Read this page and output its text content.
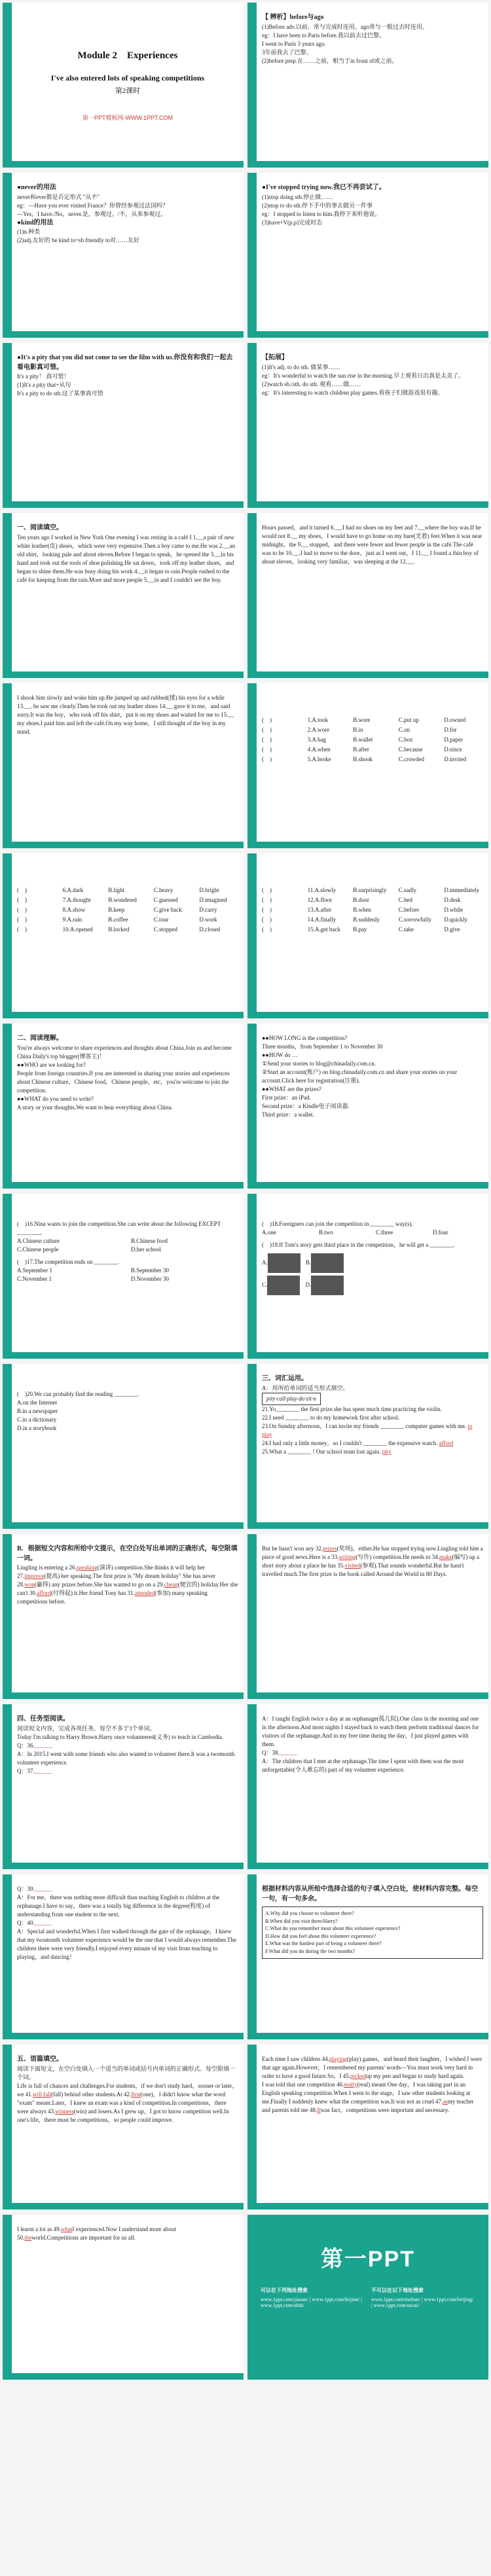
Module 2　Experiences
I've also entered lots of speaking competitions
第2课时
第一PPT模板网-WWW.1PPT.COM
【 辨析】before与ago
(1)Before adv.以前，常与完成时连用，ago常与一般过去时连用。
eg：I have been to Paris before.我以前去过巴黎。
I went to Paris 3 years ago.
3年前我去了巴黎。
(2)before prep.在……之前，相当于in front of或之前。
●never的用法
never和ever都是否定形式 "从不"
eg：—Have you ever visited France？你曾经参观过法国吗？
—Yes，I have./No，never.是，参观过。/不，从来参观过。
●kind的用法
(1)n.种类
(2)adj.友好的 be kind to+sb friendly to对……友好
●I've stopped trying now.我已不再尝试了。
(1)stop doing sth.停止做……
(2)stop to do sth.停下手中的事去做另一件事
eg：I stopped to listen to him.我停下来听他说。
(3)have+V(p.p)完成时态
●It's a pity that you did not come to see the film with us.你没有和我们一起去看电影真可惜。
It's a pity！ 真可惜！
(1)It's a pity that+从句
It's a pity to do sth.这了某事真可惜
【拓展】
(1)It's adj. to do sth. 做某事……
eg：It's wonderful to watch the sun rise in the morning.早上观看日出真是太美了。
(2)watch sb./sth. do sth. 观看……做……
eg：It's interesting to watch children play games.看孩子们做游戏很有趣。
一、阅读填空。
Ten years ago I worked in New York One evening I was resting in a café I 1.__a pair of new white leather(皮) shoes，which were very expensive.Then a boy came to me.He was 2.__an old shirt，looking pale and about eleven.Before I began to speak，he opened the 3.__in his hand and took out the tools of shoe polishing.He sat down，took off my leather shoes，and began to shine them.He was busy doing his work 4.__it began to rain.People rushed to the café for keeping from the rain.More and more people 5.__in and I couldn't see the boy.
Hours passed，and it turned 6.__.I had no shoes on my feet and 7.__where the boy was.If he would not 8.__ my shoes，I would have to go home on my bare(光着) feet.When it was near midnight，the 9.__ stopped，and there were fewer and fewer people in the café.The café was to be 10.__.I had to move to the door，just as I went out，I 11.__ I found a thin boy of about eleven，looking very familiar，was sleeping at the 12.__.
I shook him slowly and woke him up.He jumped up and rubbed(揉) his eyes for a while 13.__. he saw me clearly.Then he took out my leather shoes 14.__ gave it to me，and said sorry.It was the boy，who took off his shirt，put it on my shoes and waited for me to 15.__ my shoes.I paid him and left the café.On my way home，I still thought of the boy in my mind.
(　)	1.A.took	B.wore	C.put up	D.owned
(　)	2.A.wore	B.in	C.on	D.for
(　)	3.A.bag	B.wallet	C.box	D.paper
(　)	4.A.when	B.after	C.because	D.since
(　)	5.A.broke	B.shook	C.crowded	D.invited
(　)	6.A.dark	B.light	C.heavy	D.bright
(　)	7.A.thought	B.wondered	C.guessed	D.imagined
(　)	8.A.show	B.keep	C.give back	D.carry
(　)	9.A.rain	B.coffee	C.tour	D.work
(　)	10.A.opened	B.locked	C.stopped	D.closed
(　)	11.A.slowly	B.surprisingly	C.sadly	D.immediately
(　)	12.A.floor	B.door	C.bed	D.desk
(　)	13.A.after	B.when	C.before	D.while
(　)	14.A.finally	B.suddenly	C.sorrowfully	D.quickly
(　)	15.A.get back	B.pay	C.take	D.give
二、阅读理解。
You're always welcome to share experiences and thoughts about China.Join us and become China Daily's top blogger(博客主)！
●●WHO are we looking for?
People from foreign countries.If you are interested in sharing your stories and experiences about Chinese culture，Chinese food，Chinese people，etc，you're welcome to join the competition.
●●WHAT do you need to write?
A story or your thoughts.We want to hear everything about China.
●●HOW LONG is the competition?
Three months，from September 1 to November 30
●●HOW do …
①Send your stories to blog@chinadaily.com.cn.
②Start an account(账户) on blog.chinadaily.com.cn and share your stories on your account.Click here for registration(注册).
●●WHAT are the prizes?
First prize：an iPad.
Second prize：a Kindle电子阅读器.
Third prize：a wallet.
(　)16.Nina wants to join the competition.She can write about the following EXCEPT ________.
A.Chinese culture	B.Chinese food
C.Chinese people	D.her school
(　)17.The competition ends on ________.
A.September 1	B.September 30
C.November 1	D.November 30
(　)18.Foreigners can join the competition in ________ way(s).
A.one	B.two	C.three	D.four
(　)19.If Tom's story gets third place in the competition，he will get a ________.
A.	B.
C.	D.
(　)20.We can probably find the reading ________.
A.on the Internet
B.in a newspaper
C.in a dictionary
D.in a storybook
三、词汇运用。
A：用所给单词的适当形式填空。
pity·call·play·do·sit·n
21.Yo________ the first prize.she has spent much time practicing the violin.
22.I need ________ to do my homework first after school.
23.On Sunday afternoon，I can invite my friends ________ computer games with me. to play
24.I had only a little money，so I couldn't ________ the expensive watch. afford
25.What a ________ ! Our school team lost again. pity
B．根据短文内容和所给中文提示，在空白处写出单词的正确形式，每空限填一词。
Lingling is entering a 26.speaking(演讲) competition.She thinks it will help her 27.improve(提高) her speaking.The first prize is "My dream holiday" She has never 28.won(赢得) any prizes before.She has wanted to go on a 29.cheap(便宜的) holiday.Her she can't 30.afford(付得起) it.Her friend Tony has 31.attended(参加) many speaking competitions before.
But he hasn't won any 32.prizes(奖项)，either.He has stopped trying now.Lingling told him a piece of good news.Here is a 33.writing(写作) competition.He needs to 34.make(编写) up a short story about a place he has 35.visited(参观).That sounds wonderful.But he hasn't travelled much.The first prize is the book called Around the World in 80 Days.
四、任务型阅读。
阅读短文内容，完成各项任务。每空不多于3个单词。
Today I'm talking to Harry Brown.Harry once volunteered(义务) to teach in Cambodia.
Q：36.______
A：In 2015.I went with some friends who also wanted to volunteer there.It was a twomonth volunteer experience.
Q：37.______
A：I taught English twice a day at an orphanage(孤儿院).One class in the morning and one in the afternoon.And most nights I stayed back to watch them perform traditional dances for visitors of the orphanage.And in my free time during the day，I just played games with them.
Q：38.______
A：The children that I met at the orphanage.The time I spent with them was the most unforgettable(令人难忘的) part of my volunteer experience.
Q：39.______
A：For me，there was nothing more difficult than teaching English to children at the orphanage.I have to say，there was a totally big difference in the degree(程度) of understanding from one student to the next.
Q：40.______
A：Special and wonderful.When I first walked through the gate of the orphanage，I knew that my twomonth volunteer experience would be the one that I would always remember.The children there were very friendly.I enjoyed every minute of my visit from teaching to playing，and dancing！
根据材料内容从所给中选择合适的句子填入空白处，使材料内容完整。每空一句，有一句多余。
A.Why did you choose to volunteer there?
B.When did you visit there/Harry?
C.What do you remember most about this volunteer experience?
D.How did you feel about this volunteer experience?
E.What was the hardest part of being a volunteer there?
F.What did you do during the two months?
五、语篇填空。
阅读下面短文，在空白处填入一个适当的单词或括号内单词的正确形式。每空限填一个词。
Life is full of chances and challenges.For students，if we don't study hard，sooner or later，we 41.will fall(fall) behind other students.At 42.first(one)，I didn't know what the word "exam" meant.Later，I knew an exam was a kind of competition.In competitions，there were always 43.winners(win) and losers.As I grew up，I got to know competition well.In one's life，there must be competitions，so people could improve.
Each time I saw children 44.playing(play) games，and heard their laughter，I wished I were that age again.However，I remembered my parents' words—You must work very hard in order to have a good future.So，I 45.pickedup my pen and began to study hard again.
I was told that one competition 46.really(real) meant One day，I was taking part in an English speaking competition.When I went to the stage，I saw other students looking at me.Finally I suddenly knew what the competition was.It was not as cruel 47.asmy teacher and parents told me 48.Itwas fact，competitions were important and necessary.
I learnt a lot as 49.whatI experienced.Now I understand more about 50.theworld.Competitions are important for us all.
第一PPT
可以在下列地址搜索
www.1ppt.com/jiaoan/ | www.1ppt.com/kejian/ | www.1ppt.com/shiti/
不可以在以下地址搜索
www.1ppt.com/moban/ | www.1ppt.com/beijing/ | www.1ppt.com/sucai/
